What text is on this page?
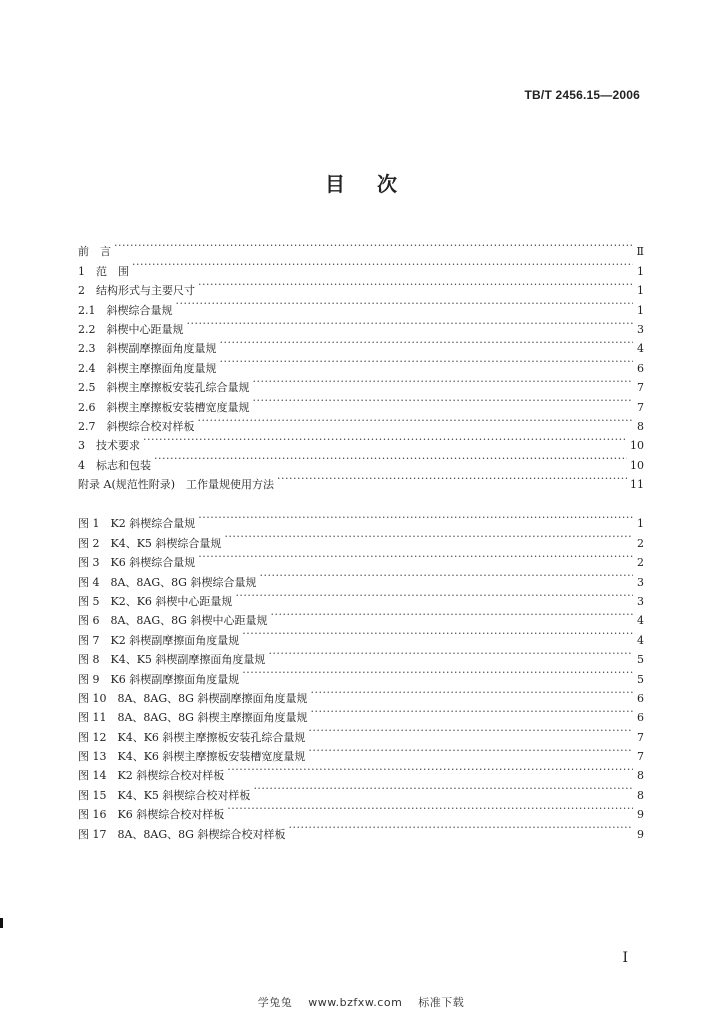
TB/T 2456.15—2006
目 次
前　言 ·····	Ⅱ
1　范　围 ·····	1
2　结构形式与主要尺寸 ·····	1
2.1　斜楔综合量规 ·····	1
2.2　斜楔中心距量规 ·····	3
2.3　斜楔副摩擦面角度量规 ·····	4
2.4　斜楔主摩擦面角度量规 ·····	6
2.5　斜楔主摩擦板安装孔综合量规 ·····	7
2.6　斜楔主摩擦板安装槽宽度量规 ·····	7
2.7　斜楔综合校对样板 ·····	8
3　技术要求 ·····	10
4　标志和包装 ·····	10
附录 A(规范性附录)　工作量规使用方法 ·····	11
图 1　K2 斜楔综合量规 ·····	1
图 2　K4、K5 斜楔综合量规 ·····	2
图 3　K6 斜楔综合量规 ·····	2
图 4　8A、8AG、8G 斜楔综合量规 ·····	3
图 5　K2、K6 斜楔中心距量规 ·····	3
图 6　8A、8AG、8G 斜楔中心距量规 ·····	4
图 7　K2 斜楔副摩擦面角度量规 ·····	4
图 8　K4、K5 斜楔副摩擦面角度量规 ·····	5
图 9　K6 斜楔副摩擦面角度量规 ·····	5
图 10　8A、8AG、8G 斜楔副摩擦面角度量规 ·····	6
图 11　8A、8AG、8G 斜楔主摩擦面角度量规 ·····	6
图 12　K4、K6 斜楔主摩擦板安装孔综合量规 ·····	7
图 13　K4、K6 斜楔主摩擦板安装槽宽度量规 ·····	7
图 14　K2 斜楔综合校对样板 ·····	8
图 15　K4、K5 斜楔综合校对样板 ·····	8
图 16　K6 斜楔综合校对样板 ·····	9
图 17　8A、8AG、8G 斜楔综合校对样板 ·····	9
I
学兔兔 www.bzfxw.com 标准下载
